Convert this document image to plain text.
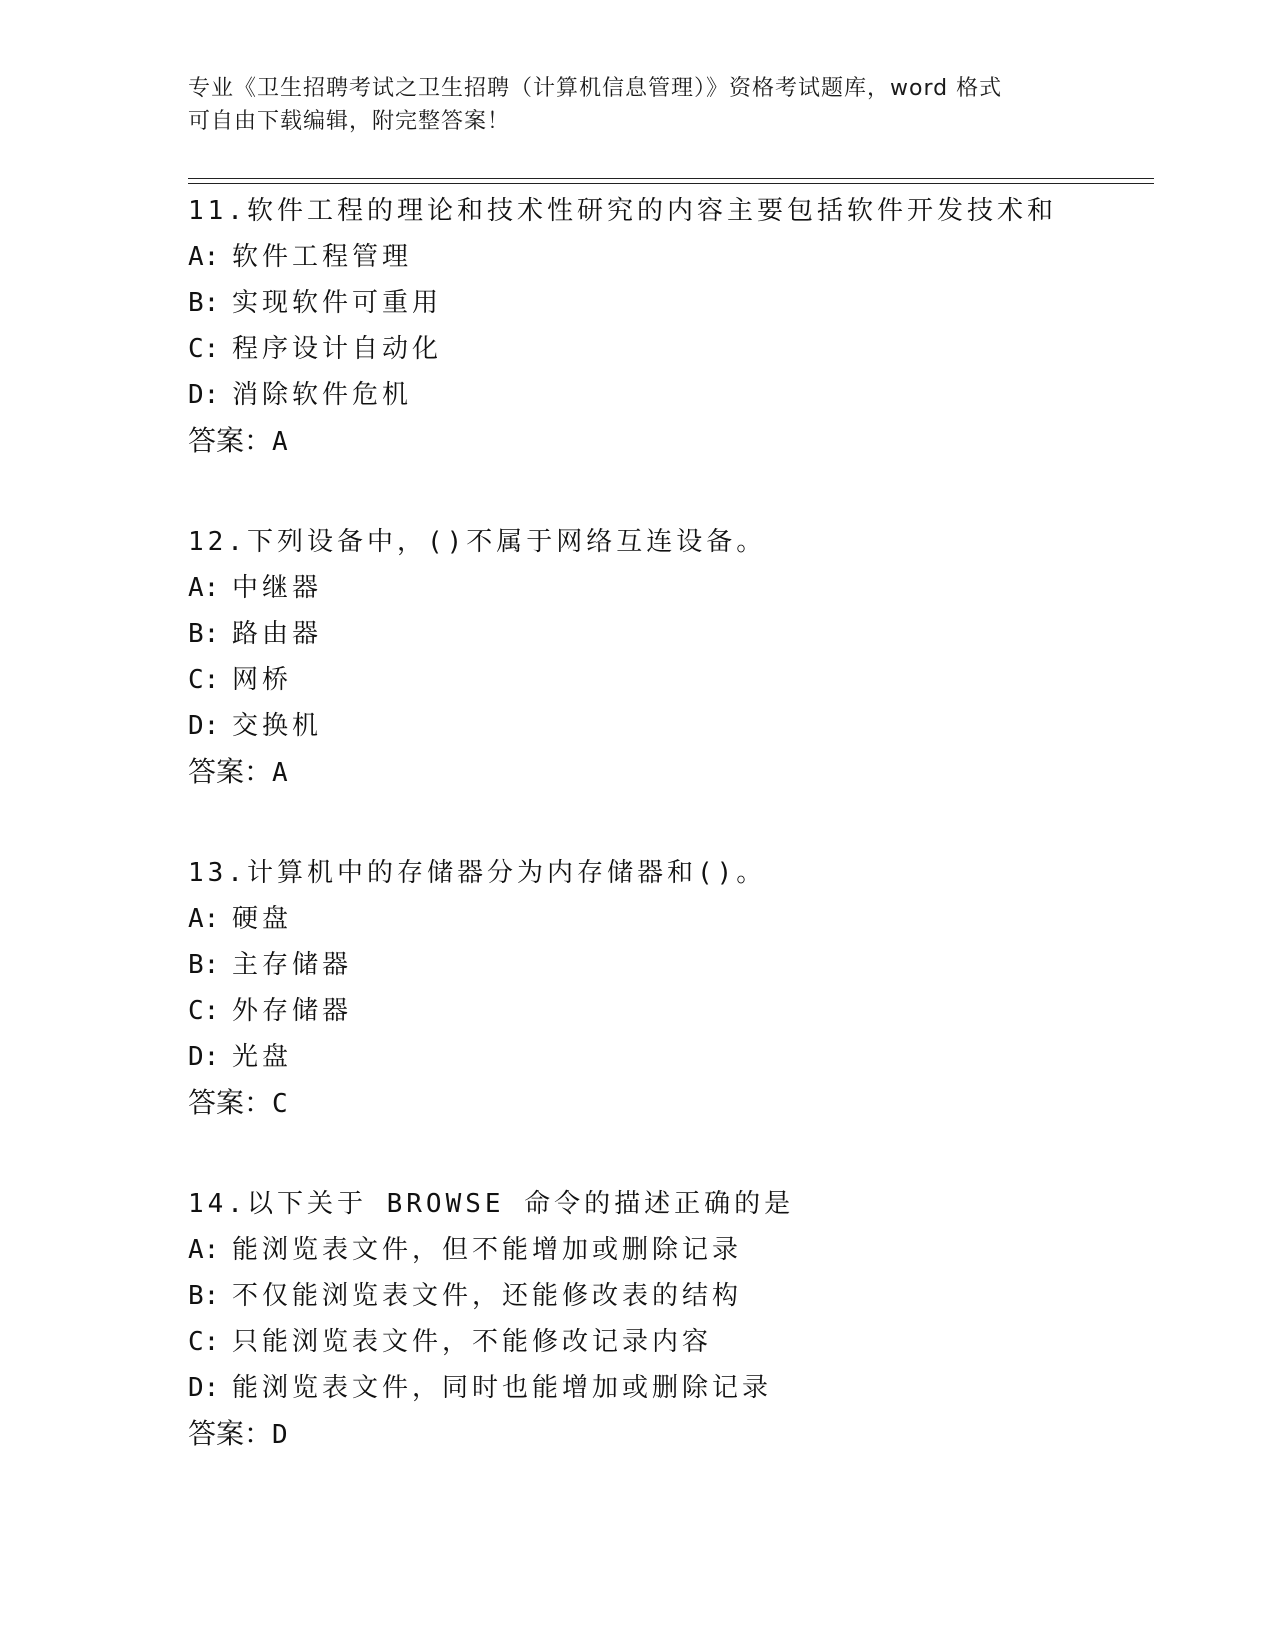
专业《卫生招聘考试之卫生招聘（计算机信息管理）》资格考试题库，word 格式
可自由下载编辑，附完整答案！
11.软件工程的理论和技术性研究的内容主要包括软件开发技术和
A: 软件工程管理
B: 实现软件可重用
C: 程序设计自动化
D: 消除软件危机
答案：A
12.下列设备中，()不属于网络互连设备。
A: 中继器
B: 路由器
C: 网桥
D: 交换机
答案：A
13.计算机中的存储器分为内存储器和()。
A: 硬盘
B: 主存储器
C: 外存储器
D: 光盘
答案：C
14.以下关于 BROWSE 命令的描述正确的是
A: 能浏览表文件，但不能增加或删除记录
B: 不仅能浏览表文件，还能修改表的结构
C: 只能浏览表文件，不能修改记录内容
D: 能浏览表文件，同时也能增加或删除记录
答案：D
